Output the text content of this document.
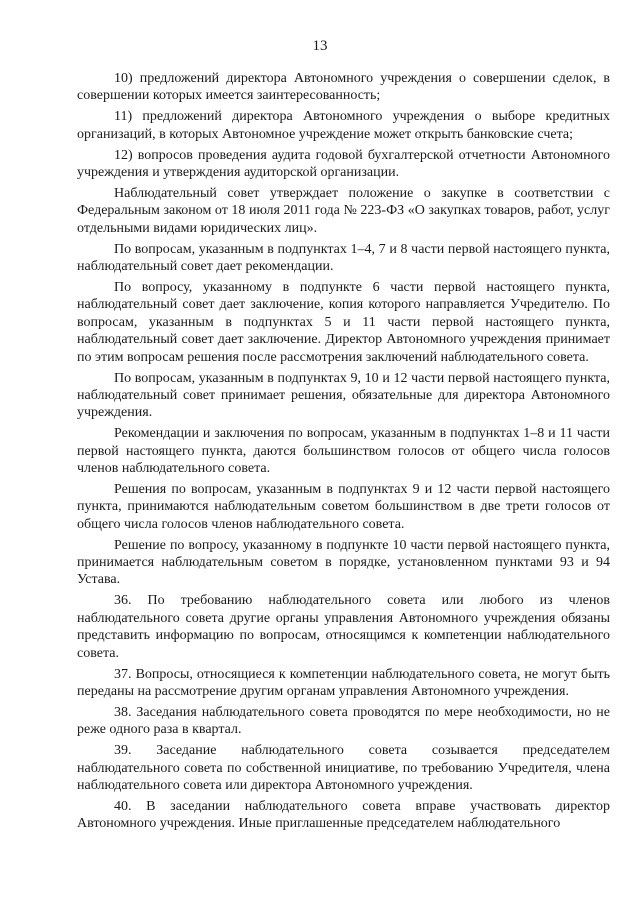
13

10) предложений директора Автономного учреждения о совершении сделок, в совершении которых имеется заинтересованность;

11) предложений директора Автономного учреждения о выборе кредитных организаций, в которых Автономное учреждение может открыть банковские счета;

12) вопросов проведения аудита годовой бухгалтерской отчетности Автономного учреждения и утверждения аудиторской организации.

Наблюдательный совет утверждает положение о закупке в соответствии с Федеральным законом от 18 июля 2011 года № 223-ФЗ «О закупках товаров, работ, услуг отдельными видами юридических лиц».

По вопросам, указанным в подпунктах 1–4, 7 и 8 части первой настоящего пункта, наблюдательный совет дает рекомендации.

По вопросу, указанному в подпункте 6 части первой настоящего пункта, наблюдательный совет дает заключение, копия которого направляется Учредителю. По вопросам, указанным в подпунктах 5 и 11 части первой настоящего пункта, наблюдательный совет дает заключение. Директор Автономного учреждения принимает по этим вопросам решения после рассмотрения заключений наблюдательного совета.

По вопросам, указанным в подпунктах 9, 10 и 12 части первой настоящего пункта, наблюдательный совет принимает решения, обязательные для директора Автономного учреждения.

Рекомендации и заключения по вопросам, указанным в подпунктах 1–8 и 11 части первой настоящего пункта, даются большинством голосов от общего числа голосов членов наблюдательного совета.

Решения по вопросам, указанным в подпунктах 9 и 12 части первой настоящего пункта, принимаются наблюдательным советом большинством в две трети голосов от общего числа голосов членов наблюдательного совета.

Решение по вопросу, указанному в подпункте 10 части первой настоящего пункта, принимается наблюдательным советом в порядке, установленном пунктами 93 и 94 Устава.

36. По требованию наблюдательного совета или любого из членов наблюдательного совета другие органы управления Автономного учреждения обязаны представить информацию по вопросам, относящимся к компетенции наблюдательного совета.

37. Вопросы, относящиеся к компетенции наблюдательного совета, не могут быть переданы на рассмотрение другим органам управления Автономного учреждения.

38. Заседания наблюдательного совета проводятся по мере необходимости, но не реже одного раза в квартал.

39. Заседание наблюдательного совета созывается председателем наблюдательного совета по собственной инициативе, по требованию Учредителя, члена наблюдательного совета или директора Автономного учреждения.

40. В заседании наблюдательного совета вправе участвовать директор Автономного учреждения. Иные приглашенные председателем наблюдательного
